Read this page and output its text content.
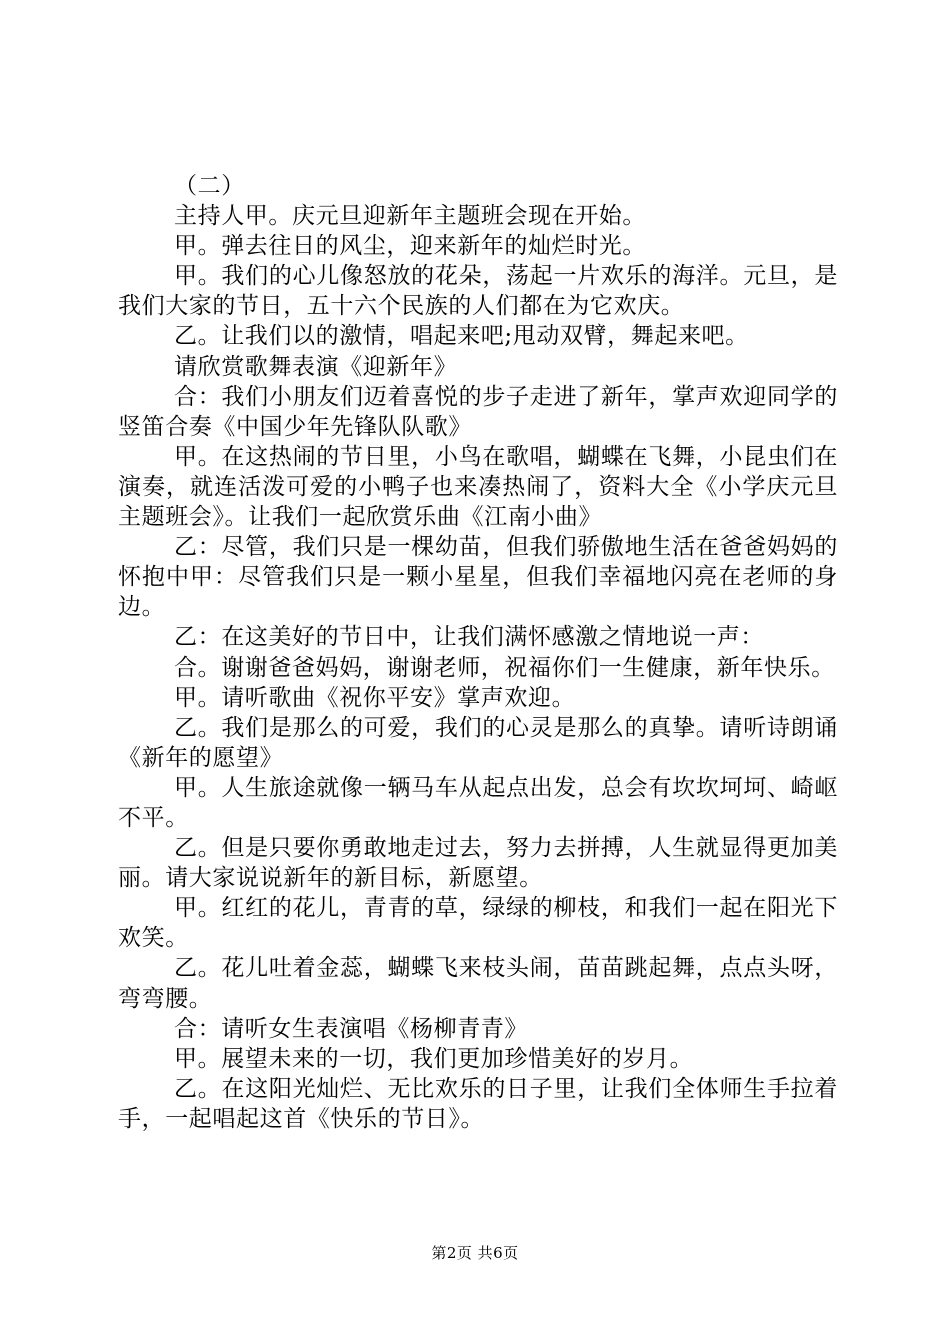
（二）

主持人甲。庆元旦迎新年主题班会现在开始。

甲。弹去往日的风尘，迎来新年的灿烂时光。

甲。我们的心儿像怒放的花朵，荡起一片欢乐的海洋。元旦，是我们大家的节日，五十六个民族的人们都在为它欢庆。

乙。让我们以的激情，唱起来吧;甩动双臂，舞起来吧。

请欣赏歌舞表演《迎新年》

合：我们小朋友们迈着喜悦的步子走进了新年，掌声欢迎同学的竖笛合奏《中国少年先锋队队歌》

甲。在这热闹的节日里，小鸟在歌唱，蝴蝶在飞舞，小昆虫们在演奏，就连活泼可爱的小鸭子也来凑热闹了，资料大全《小学庆元旦主题班会》。让我们一起欣赏乐曲《江南小曲》

乙：尽管，我们只是一棵幼苗，但我们骄傲地生活在爸爸妈妈的怀抱中甲：尽管我们只是一颗小星星，但我们幸福地闪亮在老师的身边。

乙：在这美好的节日中，让我们满怀感激之情地说一声：

合。谢谢爸爸妈妈，谢谢老师，祝福你们一生健康，新年快乐。

甲。请听歌曲《祝你平安》掌声欢迎。

乙。我们是那么的可爱，我们的心灵是那么的真挚。请听诗朗诵《新年的愿望》

甲。人生旅途就像一辆马车从起点出发，总会有坎坎坷坷、崎岖不平。

乙。但是只要你勇敢地走过去，努力去拼搏，人生就显得更加美丽。请大家说说新年的新目标，新愿望。

甲。红红的花儿，青青的草，绿绿的柳枝，和我们一起在阳光下欢笑。

乙。花儿吐着金蕊，蝴蝶飞来枝头闹，苗苗跳起舞，点点头呀，弯弯腰。

合：请听女生表演唱《杨柳青青》

甲。展望未来的一切，我们更加珍惜美好的岁月。

乙。在这阳光灿烂、无比欢乐的日子里，让我们全体师生手拉着手，一起唱起这首《快乐的节日》。

第2页 共6页
